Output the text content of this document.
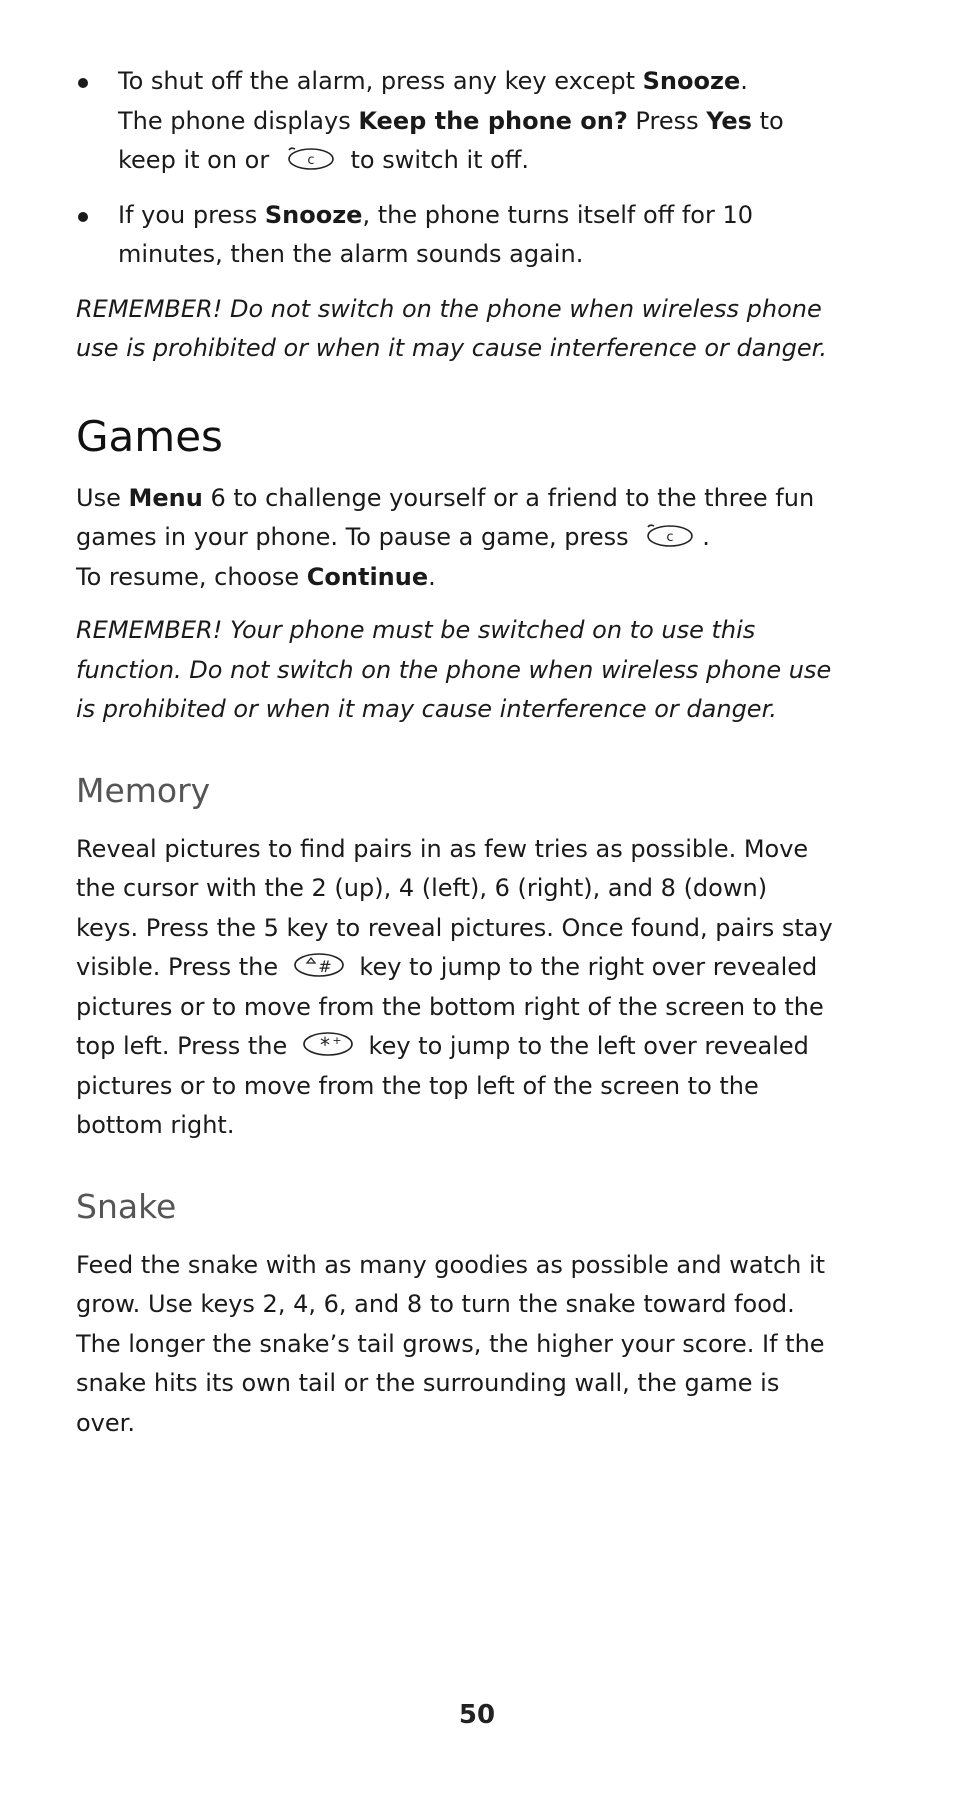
To shut off the alarm, press any key except Snooze.
The phone displays Keep the phone on? Press Yes to keep it on or c to switch it off.
If you press Snooze, the phone turns itself off for 10 minutes, then the alarm sounds again.

REMEMBER! Do not switch on the phone when wireless phone use is prohibited or when it may cause interference or danger.

Games

Use Menu 6 to challenge yourself or a friend to the three fun games in your phone. To pause a game, press c .
To resume, choose Continue.

REMEMBER! Your phone must be switched on to use this function. Do not switch on the phone when wireless phone use is prohibited or when it may cause interference or danger.

Memory

Reveal pictures to find pairs in as few tries as possible. Move the cursor with the 2 (up), 4 (left), 6 (right), and 8 (down) keys. Press the 5 key to reveal pictures. Once found, pairs stay visible. Press the # key to jump to the right over revealed pictures or to move from the bottom right of the screen to the top left. Press the * + key to jump to the left over revealed pictures or to move from the top left of the screen to the bottom right.

Snake

Feed the snake with as many goodies as possible and watch it grow. Use keys 2, 4, 6, and 8 to turn the snake toward food. The longer the snake’s tail grows, the higher your score. If the snake hits its own tail or the surrounding wall, the game is over.

50
